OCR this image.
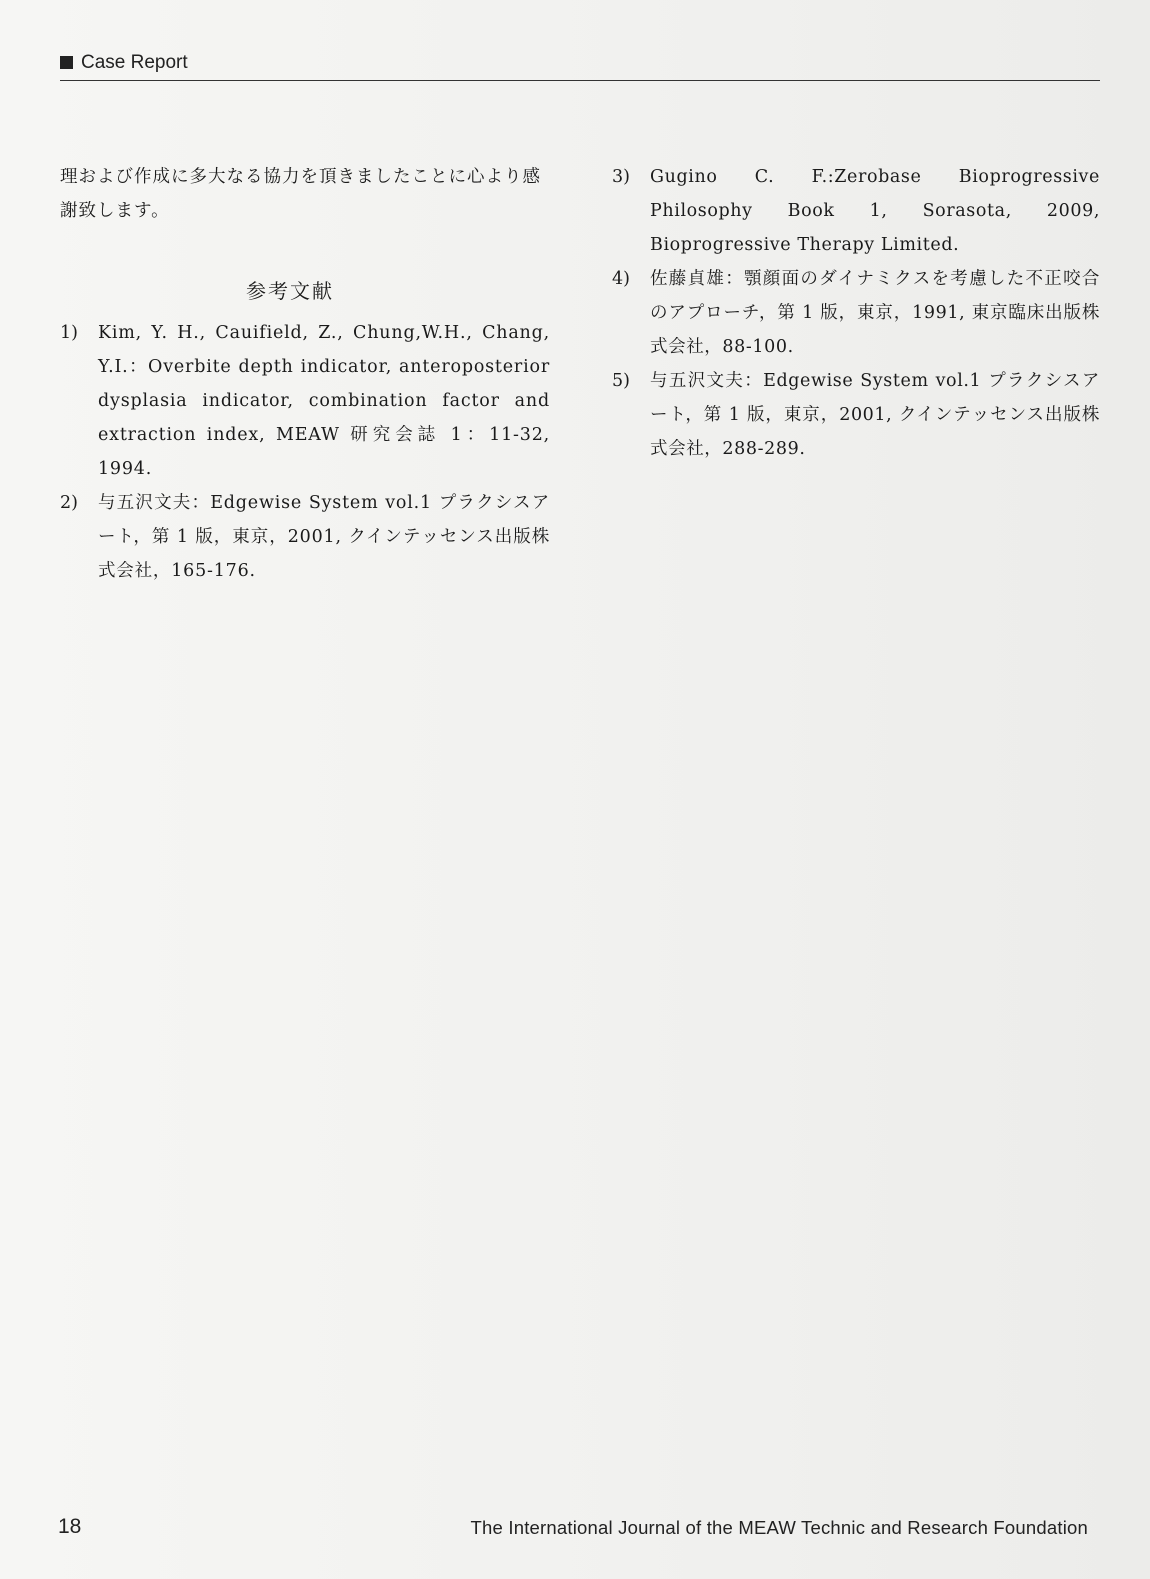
Case Report

理および作成に多大なる協力を頂きましたことに心より感謝致します。

参考文献
1) Kim, Y. H., Cauifield, Z., Chung,W.H., Chang, Y.I.：Overbite depth indicator, anteroposterior dysplasia indicator, combination factor and extraction index, MEAW 研究会誌 1：11-32, 1994.
2) 与五沢文夫：Edgewise System vol.1 プラクシスアート，第 1 版，東京，2001, クインテッセンス出版株式会社，165-176.
3) Gugino C. F.:Zerobase Bioprogressive Philosophy Book 1, Sorasota, 2009, Bioprogressive Therapy Limited.
4) 佐藤貞雄：顎顔面のダイナミクスを考慮した不正咬合のアプローチ，第 1 版，東京，1991, 東京臨床出版株式会社，88-100.
5) 与五沢文夫：Edgewise System vol.1 プラクシスアート，第 1 版，東京，2001, クインテッセンス出版株式会社，288-289.
18	The International Journal of the MEAW Technic and Research Foundation
